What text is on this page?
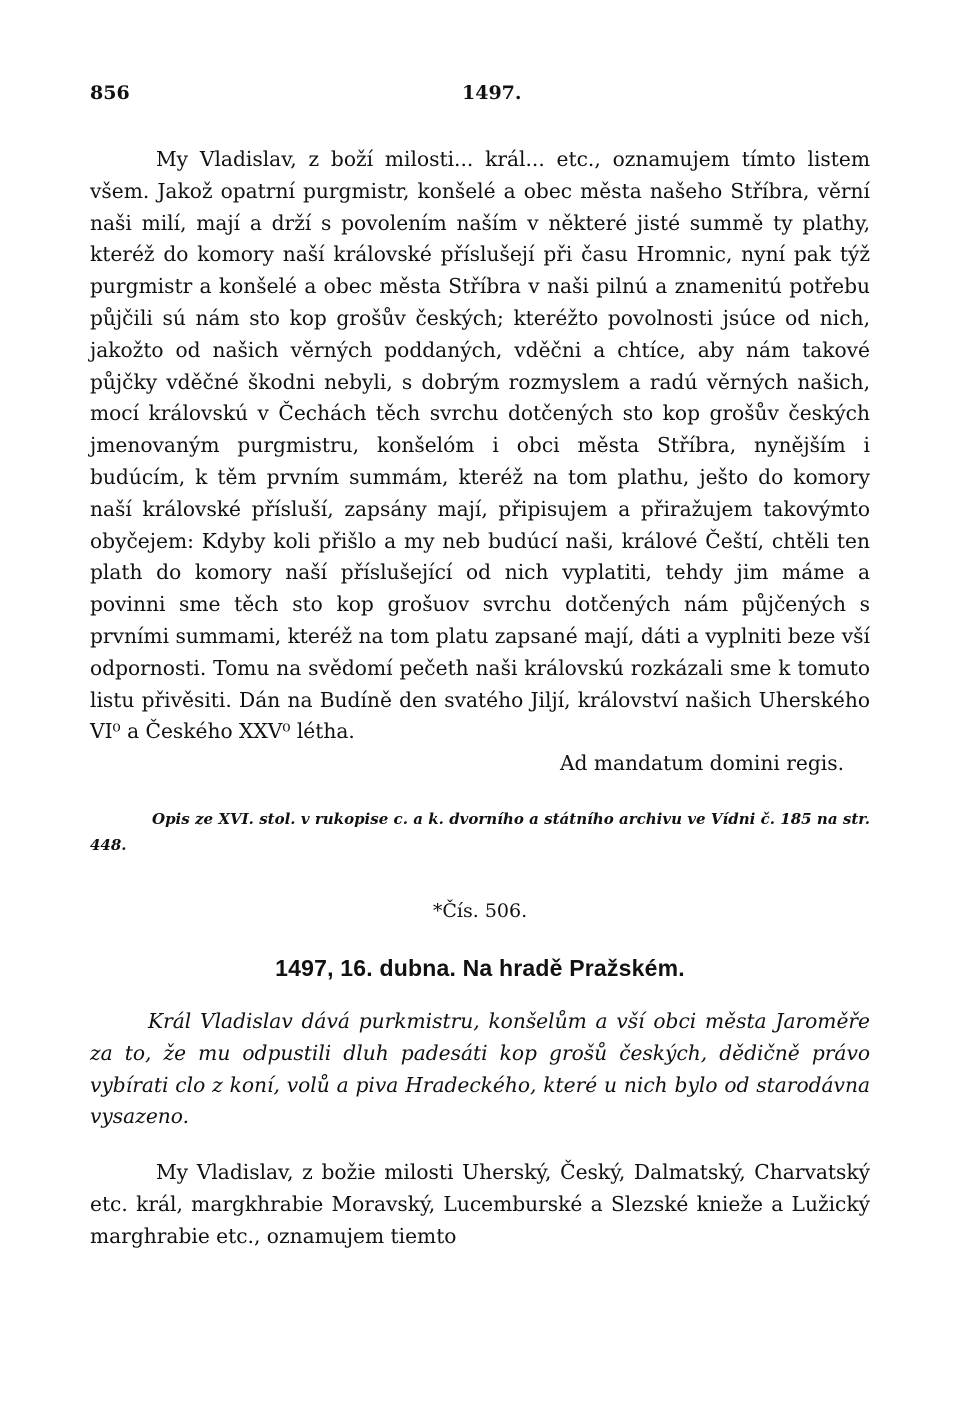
856	1497.

My Vladislav, z boží milosti... král... etc., oznamujem tímto listem všem. Jakož opatrní purgmistr, konšelé a obec města našeho Stříbra, věrní naši milí, mají a drží s povolením naším v některé jisté summě ty plathy, kteréž do komory naší královské příslušejí při času Hromnic, nyní pak týž purgmistr a konšelé a obec města Stříbra v naši pilnú a znamenitú potřebu půjčili sú nám sto kop grošův českých; kteréžto povolnosti jsúce od nich, jakožto od našich věrných poddaných, vděčni a chtíce, aby nám takové půjčky vděčné škodni nebyli, s dobrým rozmyslem a radú věrných našich, mocí královskú v Čechách těch svrchu dotčených sto kop grošův českých jmenovaným purgmistru, konšelóm i obci města Stříbra, nynějším i budúcím, k těm prvním summám, kteréž na tom plathu, ješto do komory naší královské přísluší, zapsány mají, připisujem a přiražujem takovýmto obyčejem: Kdyby koli přišlo a my neb budúcí naši, králové Čeští, chtěli ten plath do komory naší příslušející od nich vyplatiti, tehdy jim máme a povinni sme těch sto kop grošuov svrchu dotčených nám půjčených s prvními summami, kteréž na tom platu zapsané mají, dáti a vyplniti beze vší odpornosti. Tomu na svědomí pečeth naši královskú rozkázali sme k tomuto listu přivěsiti. Dán na Budíně den svatého Jiljí, království našich Uherského VI⁰ a Českého XXV⁰ létha.

Ad mandatum domini regis.

Opis ze XVI. stol. v rukopise c. a k. dvorního a státního archivu ve Vídni č. 185 na str. 448.

*Čís. 506.

1497, 16. dubna. Na hradě Pražském.

Král Vladislav dává purkmistru, konšelům a vší obci města Jaroměře za to, že mu odpustili dluh padesáti kop grošů českých, dědičně právo vybírati clo z koní, volů a piva Hradeckého, které u nich bylo od starodávna vysazeno.

My Vladislav, z božie milosti Uherský, Český, Dalmatský, Charvatský etc. král, margkhrabie Moravský, Lucemburské a Slezské knieže a Lužický marghrabie etc., oznamujem tiemto
